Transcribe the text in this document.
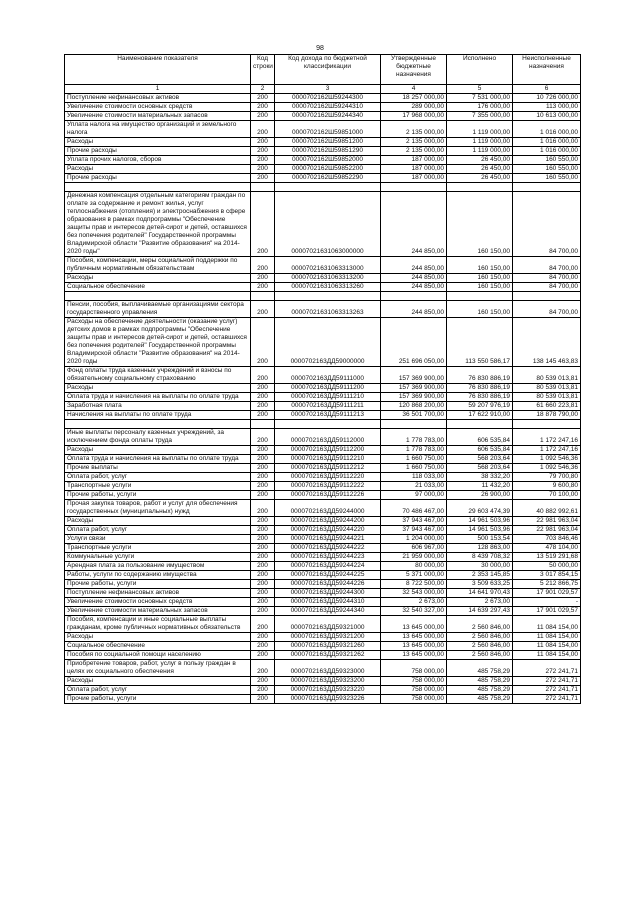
98
Наименование показателя	Код строки	Код дохода по бюджетной классификации	Утвержденные бюджетные назначения	Исполнено	Неисполненные назначения
1	2	3	4	5	6
Поступление нефинансовых активов	200	0000702162Ш59244300	18 257 000,00	7 531 000,00	10 726 000,00
Увеличение стоимости основных средств	200	0000702162Ш59244310	289 000,00	176 000,00	113 000,00
Увеличение стоимости материальных запасов	200	0000702162Ш59244340	17 968 000,00	7 355 000,00	10 613 000,00
Уплата налога на имущество организаций и земельного налога	200	0000702162Ш59851000	2 135 000,00	1 119 000,00	1 016 000,00
Расходы	200	0000702162Ш59851200	2 135 000,00	1 119 000,00	1 016 000,00
Прочие расходы	200	0000702162Ш59851290	2 135 000,00	1 119 000,00	1 016 000,00
Уплата прочих налогов, сборов	200	0000702162Ш59852000	187 000,00	26 450,00	160 550,00
Расходы	200	0000702162Ш59852200	187 000,00	26 450,00	160 550,00
Прочие расходы	200	0000702162Ш59852290	187 000,00	26 450,00	160 550,00

Денежная компенсация отдельным категориям граждан по оплате за содержание и ремонт жилья, услуг теплоснабжения (отопления) и электроснабжения в сфере образования в рамках подпрограммы "Обеспечение защиты прав и интересов детей-сирот и детей, оставшихся без попечения родителей" Государственной программы Владимирской области "Развитие образования" на 2014-2020 годы"	200	00007021631063000000	244 850,00	160 150,00	84 700,00
Пособия, компенсации, меры социальной поддержки по публичным нормативным обязательствам	200	00007021631063313000	244 850,00	160 150,00	84 700,00
Расходы	200	00007021631063313200	244 850,00	160 150,00	84 700,00
Социальное обеспечение	200	00007021631063313260	244 850,00	160 150,00	84 700,00

Пенсии, пособия, выплачиваемые организациями сектора государственного управления	200	00007021631063313263	244 850,00	160 150,00	84 700,00
Расходы на обеспечение деятельности (оказание услуг) детских домов в рамках подпрограммы "Обеспечение защиты прав и интересов детей-сирот и детей, оставшихся без попечения родителей" Государственной программы Владимирской области "Развитие образования" на 2014-2020 годы	200	0000702163ДД59000000	251 696 050,00	113 550 586,17	138 145 463,83
Фонд оплаты труда казенных учреждений и взносы по обязательному социальному страхованию	200	0000702163ДД59111000	157 369 900,00	76 830 886,19	80 539 013,81
Расходы	200	0000702163ДД59111200	157 369 900,00	76 830 886,19	80 539 013,81
Оплата труда и начисления на выплаты по оплате труда	200	0000702163ДД59111210	157 369 900,00	76 830 886,19	80 539 013,81
Заработная плата	200	0000702163ДД59111211	120 868 200,00	59 207 976,19	61 660 223,81
Начисления на выплаты по оплате труда	200	0000702163ДД59111213	36 501 700,00	17 622 910,00	18 878 790,00

Иные выплаты персоналу казенных учреждений, за исключением фонда оплаты труда	200	0000702163ДД59112000	1 778 783,00	606 535,84	1 172 247,16
Расходы	200	0000702163ДД59112200	1 778 783,00	606 535,84	1 172 247,16
Оплата труда и начисления на выплаты по оплате труда	200	0000702163ДД59112210	1 660 750,00	568 203,64	1 092 546,36
Прочие выплаты	200	0000702163ДД59112212	1 660 750,00	568 203,64	1 092 546,36
Оплата работ, услуг	200	0000702163ДД59112220	118 033,00	38 332,20	79 700,80
Транспортные услуги	200	0000702163ДД59112222	21 033,00	11 432,20	9 600,80
Прочие работы, услуги	200	0000702163ДД59112226	97 000,00	26 900,00	70 100,00
Прочая закупка товаров, работ и услуг для обеспечения государственных (муниципальных) нужд	200	0000702163ДД59244000	70 486 467,00	29 603 474,39	40 882 992,61
Расходы	200	0000702163ДД59244200	37 943 467,00	14 961 503,96	22 981 963,04
Оплата работ, услуг	200	0000702163ДД59244220	37 943 467,00	14 961 503,96	22 981 963,04
Услуги связи	200	0000702163ДД59244221	1 204 000,00	500 153,54	703 846,46
Транспортные услуги	200	0000702163ДД59244222	606 967,00	128 863,00	478 104,00
Коммунальные услуги	200	0000702163ДД59244223	21 959 000,00	8 439 708,32	13 519 291,68
Арендная плата за пользование имуществом	200	0000702163ДД59244224	80 000,00	30 000,00	50 000,00
Работы, услуги по содержанию имущества	200	0000702163ДД59244225	5 371 000,00	2 353 145,85	3 017 854,15
Прочие работы, услуги	200	0000702163ДД59244226	8 722 500,00	3 509 633,25	5 212 866,75
Поступление нефинансовых активов	200	0000702163ДД59244300	32 543 000,00	14 641 970,43	17 901 029,57
Увеличение стоимости основных средств	200	0000702163ДД59244310	2 673,00	2 673,00	-
Увеличение стоимости материальных запасов	200	0000702163ДД59244340	32 540 327,00	14 639 297,43	17 901 029,57
Пособия, компенсации и иные социальные выплаты гражданам, кроме публичных нормативных обязательств	200	0000702163ДД59321000	13 645 000,00	2 560 846,00	11 084 154,00
Расходы	200	0000702163ДД59321200	13 645 000,00	2 560 846,00	11 084 154,00
Социальное обеспечение	200	0000702163ДД59321260	13 645 000,00	2 560 846,00	11 084 154,00
Пособия по социальной помощи населению	200	0000702163ДД59321262	13 645 000,00	2 560 846,00	11 084 154,00
Приобретение товаров, работ, услуг в пользу граждан в целях их социального обеспечения	200	0000702163ДД59323000	758 000,00	485 758,29	272 241,71
Расходы	200	0000702163ДД59323200	758 000,00	485 758,29	272 241,71
Оплата работ, услуг	200	0000702163ДД59323220	758 000,00	485 758,29	272 241,71
Прочие работы, услуги	200	0000702163ДД59323226	758 000,00	485 758,29	272 241,71
